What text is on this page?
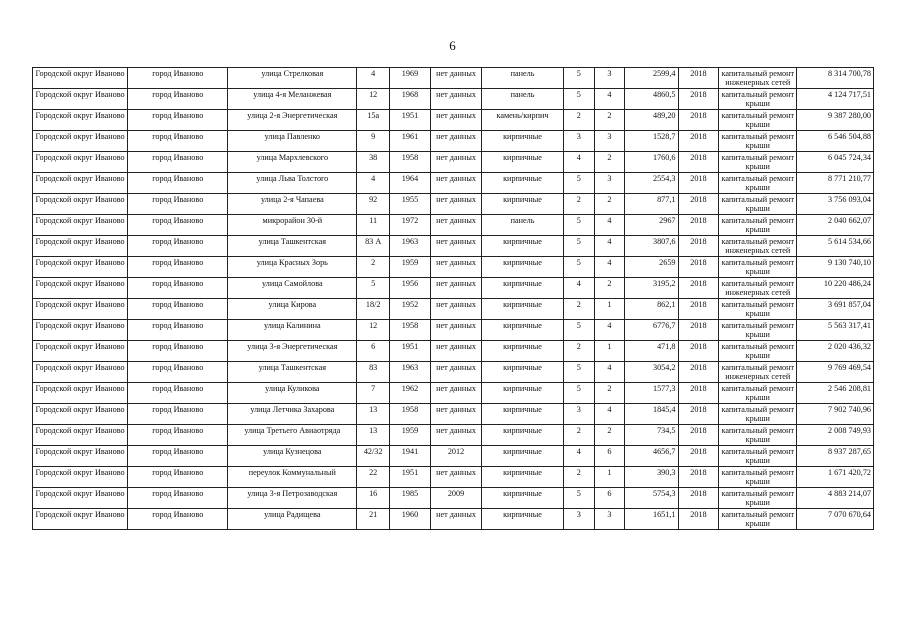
6
Городской округ Иваново	город Иваново	улица Стрелковая	4	1969	нет данных	панель	5	3	2599,4	2018	капитальный ремонт инженерных сетей	8 314 700,78
Городской округ Иваново	город Иваново	улица 4-я Меланжевая	12	1968	нет данных	панель	5	4	4860,5	2018	капитальный ремонт крыши	4 124 717,51
Городской округ Иваново	город Иваново	улица 2-я Энергетическая	15а	1951	нет данных	камень/кирпич	2	2	489,20	2018	капитальный ремонт крыши	9 387 280,00
Городской округ Иваново	город Иваново	улица Павленко	9	1961	нет данных	кирпичные	3	3	1528,7	2018	капитальный ремонт крыши	6 546 504,88
Городской округ Иваново	город Иваново	улица Мархлевского	38	1958	нет данных	кирпичные	4	2	1760,6	2018	капитальный ремонт крыши	6 045 724,34
Городской округ Иваново	город Иваново	улица Льва Толстого	4	1964	нет данных	кирпичные	5	3	2554,3	2018	капитальный ремонт крыши	8 771 210,77
Городской округ Иваново	город Иваново	улица 2-я Чапаева	92	1955	нет данных	кирпичные	2	2	877,1	2018	капитальный ремонт крыши	3 756 093,04
Городской округ Иваново	город Иваново	микрорайон 30-й	11	1972	нет данных	панель	5	4	2967	2018	капитальный ремонт крыши	2 040 662,07
Городской округ Иваново	город Иваново	улица Ташкентская	83 А	1963	нет данных	кирпичные	5	4	3807,6	2018	капитальный ремонт инженерных сетей	5 614 534,66
Городской округ Иваново	город Иваново	улица Красных Зорь	2	1959	нет данных	кирпичные	5	4	2659	2018	капитальный ремонт крыши	9 130 740,10
Городской округ Иваново	город Иваново	улица Самойлова	5	1956	нет данных	кирпичные	4	2	3195,2	2018	капитальный ремонт инженерных сетей	10 220 486,24
Городской округ Иваново	город Иваново	улица Кирова	18/2	1952	нет данных	кирпичные	2	1	862,1	2018	капитальный ремонт крыши	3 691 857,04
Городской округ Иваново	город Иваново	улица Калинина	12	1958	нет данных	кирпичные	5	4	6776,7	2018	капитальный ремонт крыши	5 563 317,41
Городской округ Иваново	город Иваново	улица 3-я Энергетическая	6	1951	нет данных	кирпичные	2	1	471,8	2018	капитальный ремонт крыши	2 020 436,32
Городской округ Иваново	город Иваново	улица Ташкентская	83	1963	нет данных	кирпичные	5	4	3054,2	2018	капитальный ремонт инженерных сетей	9 769 469,54
Городской округ Иваново	город Иваново	улица Куликова	7	1962	нет данных	кирпичные	5	2	1577,3	2018	капитальный ремонт крыши	2 546 208,81
Городской округ Иваново	город Иваново	улица Летчика Захарова	13	1958	нет данных	кирпичные	3	4	1845,4	2018	капитальный ремонт крыши	7 902 740,96
Городской округ Иваново	город Иваново	улица Третьего Авиаотряда	13	1959	нет данных	кирпичные	2	2	734,5	2018	капитальный ремонт крыши	2 008 749,93
Городской округ Иваново	город Иваново	улица Кузнецова	42/32	1941	2012	кирпичные	4	6	4656,7	2018	капитальный ремонт крыши	8 937 287,65
Городской округ Иваново	город Иваново	переулок Коммунальный	22	1951	нет данных	кирпичные	2	1	390,3	2018	капитальный ремонт крыши	1 671 420,72
Городской округ Иваново	город Иваново	улица 3-я Петрозаводская	16	1985	2009	кирпичные	5	6	5754,3	2018	капитальный ремонт крыши	4 883 214,07
Городской округ Иваново	город Иваново	улица Радищева	21	1960	нет данных	кирпичные	3	3	1651,1	2018	капитальный ремонт крыши	7 070 670,64
